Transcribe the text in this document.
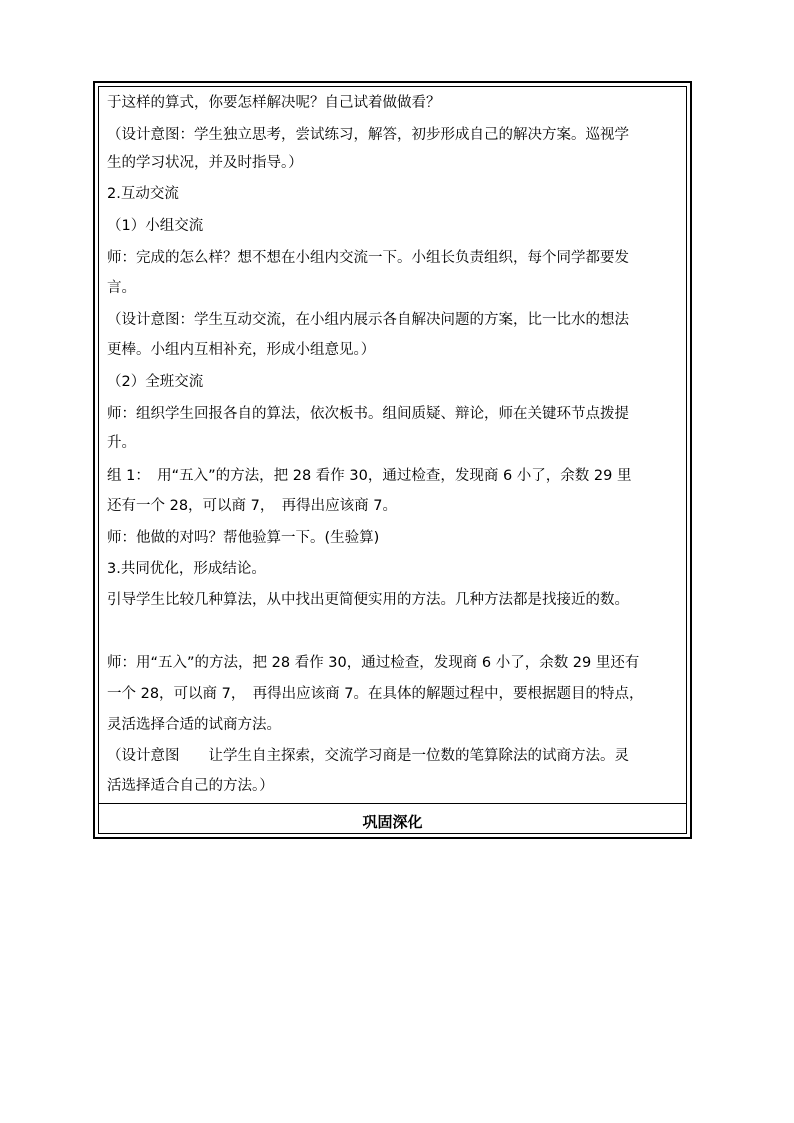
于这样的算式，你要怎样解决呢？自己试着做做看？
（设计意图：学生独立思考，尝试练习，解答，初步形成自己的解决方案。巡视学
生的学习状况，并及时指导。）
2.互动交流
（1）小组交流
师：完成的怎么样？想不想在小组内交流一下。小组长负责组织，每个同学都要发
言。
（设计意图：学生互动交流，在小组内展示各自解决问题的方案，比一比水的想法
更棒。小组内互相补充，形成小组意见。）
（2）全班交流
师：组织学生回报各自的算法，依次板书。组间质疑、辩论，师在关键环节点拨提
升。
组 1：　用“五入”的方法，把 28 看作 30，通过检查，发现商 6 小了，余数 29 里
还有一个 28，可以商 7，　再得出应该商 7。
师：他做的对吗？帮他验算一下。(生验算)
3.共同优化，形成结论。
引导学生比较几种算法，从中找出更简便实用的方法。几种方法都是找接近的数。
师：用“五入”的方法，把 28 看作 30，通过检查，发现商 6 小了，余数 29 里还有
一个 28，可以商 7，　再得出应该商 7。在具体的解题过程中，要根据题目的特点，
灵活选择合适的试商方法。
（设计意图　　让学生自主探索，交流学习商是一位数的笔算除法的试商方法。灵
活选择适合自己的方法。）
巩固深化
